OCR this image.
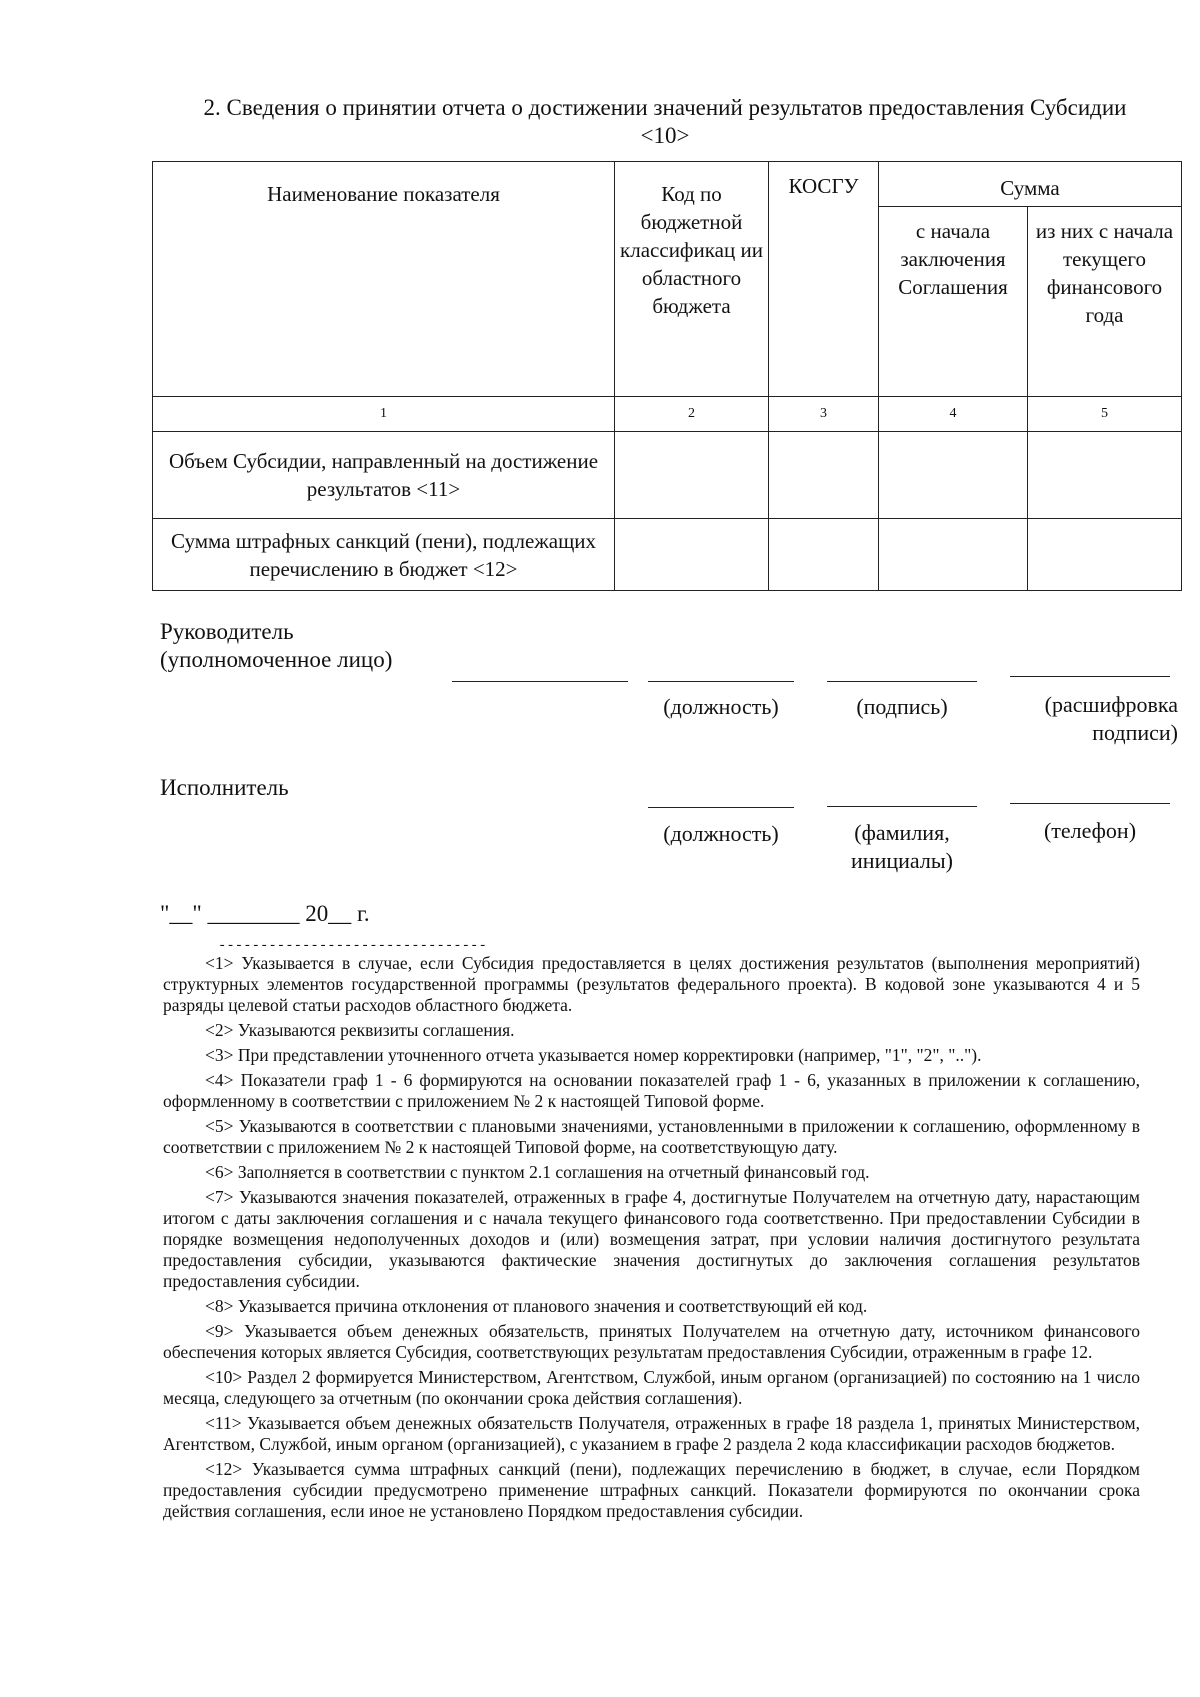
2. Сведения о принятии отчета о достижении значений результатов предоставления Субсидии
<10>
Наименование показателя	Код по бюджетной классификац ии областного бюджета	КОСГУ	Сумма	
			с начала заключения Соглашения	из них с начала текущего финансового года
1	2	3	4	5
Объем Субсидии, направленный на достижение результатов <11>				
Сумма штрафных санкций (пени), подлежащих перечислению в бюджет <12>				
Руководитель
(уполномоченное лицо)
(должность)	(подпись)	(расшифровка подписи)
Исполнитель
(должность)	(фамилия, инициалы)
(телефон)
"__" ________ 20__ г.
--------------------------------

<1> Указывается в случае, если Субсидия предоставляется в целях достижения результатов (выполнения мероприятий) структурных элементов государственной программы (результатов федерального проекта). В кодовой зоне указываются 4 и 5 разряды целевой статьи расходов областного бюджета.

<2> Указываются реквизиты соглашения.

<3> При представлении уточненного отчета указывается номер корректировки (например, "1", "2", "..").

<4> Показатели граф 1 - 6 формируются на основании показателей граф 1 - 6, указанных в приложении к соглашению, оформленному в соответствии с приложением № 2 к настоящей Типовой форме.

<5> Указываются в соответствии с плановыми значениями, установленными в приложении к соглашению, оформленному в соответствии с приложением № 2 к настоящей Типовой форме, на соответствующую дату.

<6> Заполняется в соответствии с пунктом 2.1 соглашения на отчетный финансовый год.

<7> Указываются значения показателей, отраженных в графе 4, достигнутые Получателем на отчетную дату, нарастающим итогом с даты заключения соглашения и с начала текущего финансового года соответственно. При предоставлении Субсидии в порядке возмещения недополученных доходов и (или) возмещения затрат, при условии наличия достигнутого результата предоставления субсидии, указываются фактические значения достигнутых до заключения соглашения результатов предоставления субсидии.

<8> Указывается причина отклонения от планового значения и соответствующий ей код.

<9> Указывается объем денежных обязательств, принятых Получателем на отчетную дату, источником финансового обеспечения которых является Субсидия, соответствующих результатам предоставления Субсидии, отраженным в графе 12.

<10> Раздел 2 формируется Министерством, Агентством, Службой, иным органом (организацией) по состоянию на 1 число месяца, следующего за отчетным (по окончании срока действия соглашения).

<11> Указывается объем денежных обязательств Получателя, отраженных в графе 18 раздела 1, принятых Министерством, Агентством, Службой, иным органом (организацией), с указанием в графе 2 раздела 2 кода классификации расходов бюджетов.

<12> Указывается сумма штрафных санкций (пени), подлежащих перечислению в бюджет, в случае, если Порядком предоставления субсидии предусмотрено применение штрафных санкций. Показатели формируются по окончании срока действия соглашения, если иное не установлено Порядком предоставления субсидии.
